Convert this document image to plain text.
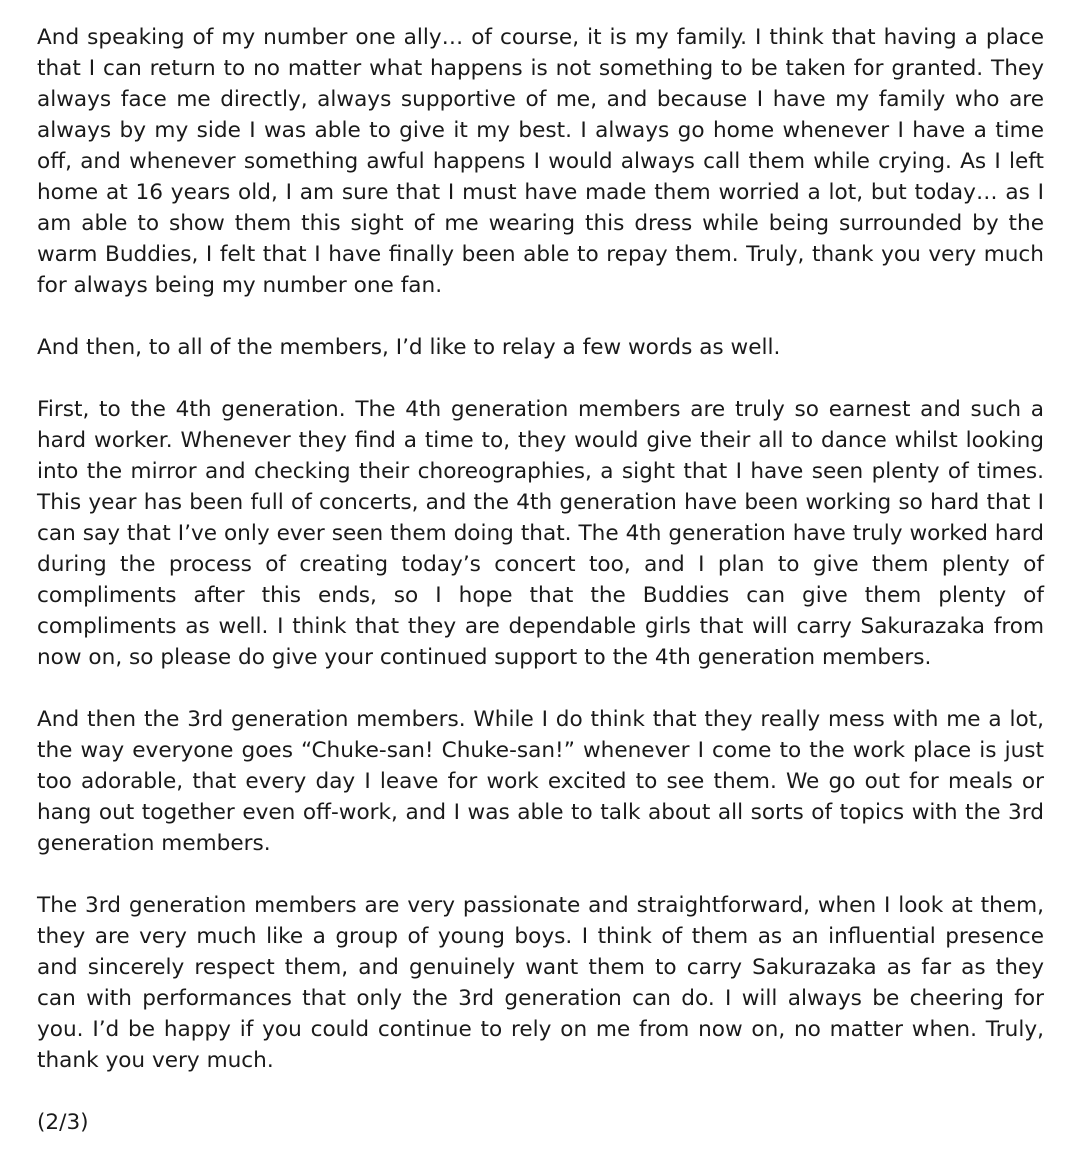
And speaking of my number one ally… of course, it is my family. I think that having a place that I can return to no matter what happens is not something to be taken for granted. They always face me directly, always supportive of me, and because I have my family who are always by my side I was able to give it my best. I always go home whenever I have a time off, and whenever something awful happens I would always call them while crying. As I left home at 16 years old, I am sure that I must have made them worried a lot, but today… as I am able to show them this sight of me wearing this dress while being surrounded by the warm Buddies, I felt that I have finally been able to repay them. Truly, thank you very much for always being my number one fan.

And then, to all of the members, I’d like to relay a few words as well.

First, to the 4th generation. The 4th generation members are truly so earnest and such a hard worker. Whenever they find a time to, they would give their all to dance whilst looking into the mirror and checking their choreographies, a sight that I have seen plenty of times. This year has been full of concerts, and the 4th generation have been working so hard that I can say that I’ve only ever seen them doing that. The 4th generation have truly worked hard during the process of creating today’s concert too, and I plan to give them plenty of compliments after this ends, so I hope that the Buddies can give them plenty of compliments as well. I think that they are dependable girls that will carry Sakurazaka from now on, so please do give your continued support to the 4th generation members.

And then the 3rd generation members. While I do think that they really mess with me a lot, the way everyone goes “Chuke-san! Chuke-san!” whenever I come to the work place is just too adorable, that every day I leave for work excited to see them. We go out for meals or hang out together even off-work, and I was able to talk about all sorts of topics with the 3rd generation members.

The 3rd generation members are very passionate and straightforward, when I look at them, they are very much like a group of young boys. I think of them as an influential presence and sincerely respect them, and genuinely want them to carry Sakurazaka as far as they can with performances that only the 3rd generation can do. I will always be cheering for you. I’d be happy if you could continue to rely on me from now on, no matter when. Truly, thank you very much.

(2/3)
